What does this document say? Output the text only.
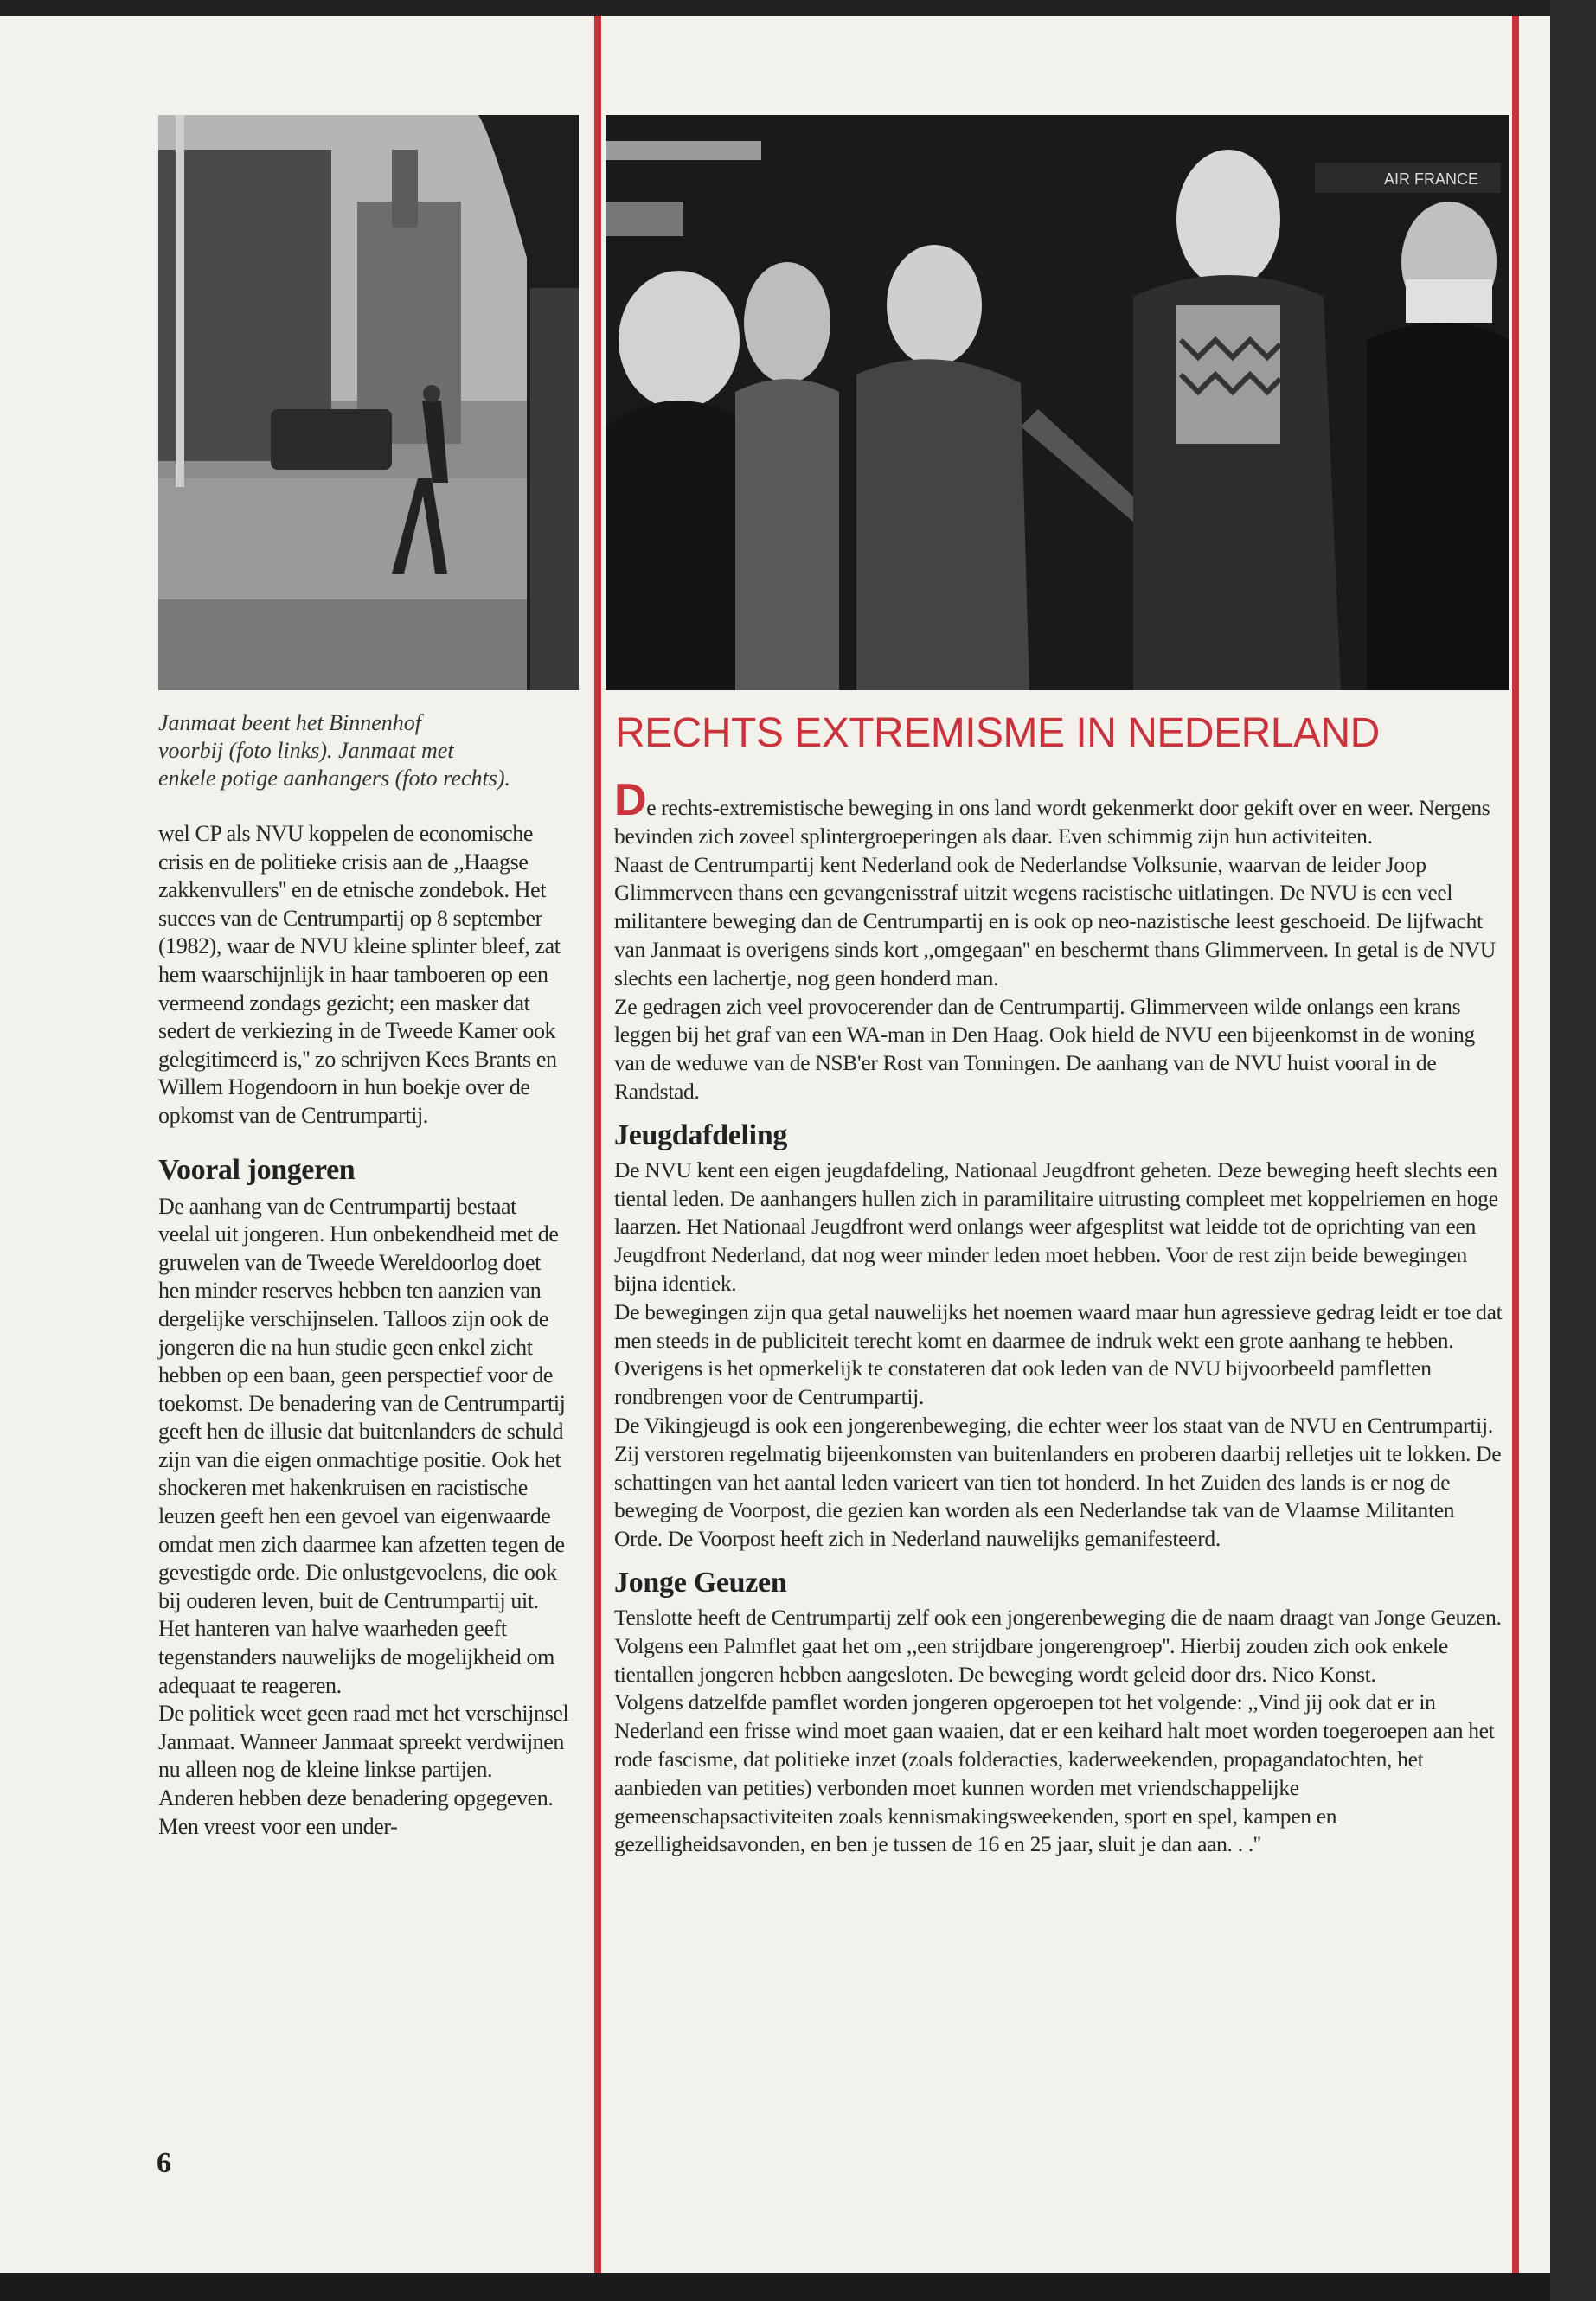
AIR FRANCE

Janmaat beent het Binnenhof

voorbij (foto links). Janmaat met

enkele potige aanhangers (foto rechts).

wel CP als NVU koppelen de economische crisis en de politieke crisis aan de ,,Haagse zakkenvullers'' en de etnische zondebok. Het succes van de Centrumpartij op 8 september (1982), waar de NVU kleine splinter bleef, zat hem waarschijnlijk in haar tamboeren op een vermeend zondags gezicht; een masker dat sedert de verkiezing in de Tweede Kamer ook gelegitimeerd is,'' zo schrijven Kees Brants en Willem Hogendoorn in hun boekje over de opkomst van de Centrumpartij.

Vooral jongeren

De aanhang van de Centrumpartij bestaat veelal uit jongeren. Hun onbekendheid met de gruwelen van de Tweede Wereldoorlog doet hen minder reserves hebben ten aanzien van dergelijke verschijnselen. Talloos zijn ook de jongeren die na hun studie geen enkel zicht hebben op een baan, geen perspectief voor de toekomst. De benadering van de Centrumpartij geeft hen de illusie dat buitenlanders de schuld zijn van die eigen onmachtige positie. Ook het shockeren met hakenkruisen en racistische leuzen geeft hen een gevoel van eigenwaarde omdat men zich daarmee kan afzetten tegen de gevestigde orde. Die onlustgevoelens, die ook bij ouderen leven, buit de Centrumpartij uit. Het hanteren van halve waarheden geeft tegenstanders nauwelijks de mogelijkheid om adequaat te reageren.

De politiek weet geen raad met het verschijnsel Janmaat. Wanneer Janmaat spreekt verdwijnen nu alleen nog de kleine linkse partijen. Anderen hebben deze benadering opgegeven. Men vreest voor een under-

RECHTS EXTREMISME IN NEDERLAND

De rechts-extremistische beweging in ons land wordt gekenmerkt door gekift over en weer. Nergens bevinden zich zoveel splintergroeperingen als daar. Even schimmig zijn hun activiteiten.

Naast de Centrumpartij kent Nederland ook de Nederlandse Volksunie, waarvan de leider Joop Glimmerveen thans een gevangenisstraf uitzit wegens racistische uitlatingen. De NVU is een veel militantere beweging dan de Centrumpartij en is ook op neo-nazistische leest geschoeid. De lijfwacht van Janmaat is overigens sinds kort ,,omgegaan'' en beschermt thans Glimmerveen. In getal is de NVU slechts een lachertje, nog geen honderd man.

Ze gedragen zich veel provocerender dan de Centrumpartij. Glimmerveen wilde onlangs een krans leggen bij het graf van een WA-man in Den Haag. Ook hield de NVU een bijeenkomst in de woning van de weduwe van de NSB'er Rost van Tonningen. De aanhang van de NVU huist vooral in de Randstad.

Jeugdafdeling

De NVU kent een eigen jeugdafdeling, Nationaal Jeugdfront geheten. Deze beweging heeft slechts een tiental leden. De aanhangers hullen zich in paramilitaire uitrusting compleet met koppelriemen en hoge laarzen. Het Nationaal Jeugdfront werd onlangs weer afgesplitst wat leidde tot de oprichting van een Jeugdfront Nederland, dat nog weer minder leden moet hebben. Voor de rest zijn beide bewegingen bijna identiek.

De bewegingen zijn qua getal nauwelijks het noemen waard maar hun agressieve gedrag leidt er toe dat men steeds in de publiciteit terecht komt en daarmee de indruk wekt een grote aanhang te hebben. Overigens is het opmerkelijk te constateren dat ook leden van de NVU bijvoorbeeld pamfletten rondbrengen voor de Centrumpartij.

De Vikingjeugd is ook een jongerenbeweging, die echter weer los staat van de NVU en Centrumpartij. Zij verstoren regelmatig bijeenkomsten van buitenlanders en proberen daarbij relletjes uit te lokken. De schattingen van het aantal leden varieert van tien tot honderd. In het Zuiden des lands is er nog de beweging de Voorpost, die gezien kan worden als een Nederlandse tak van de Vlaamse Militanten Orde. De Voorpost heeft zich in Nederland nauwelijks gemanifesteerd.

Jonge Geuzen

Tenslotte heeft de Centrumpartij zelf ook een jongerenbeweging die de naam draagt van Jonge Geuzen. Volgens een Palmflet gaat het om ,,een strijdbare jongerengroep''. Hierbij zouden zich ook enkele tientallen jongeren hebben aangesloten. De beweging wordt geleid door drs. Nico Konst.

Volgens datzelfde pamflet worden jongeren opgeroepen tot het volgende: ,,Vind jij ook dat er in Nederland een frisse wind moet gaan waaien, dat er een keihard halt moet worden toegeroepen aan het rode fascisme, dat politieke inzet (zoals folderacties, kaderweekenden, propagandatochten, het aanbieden van petities) verbonden moet kunnen worden met vriendschappelijke gemeenschapsactiviteiten zoals kennismakingsweekenden, sport en spel, kampen en gezelligheidsavonden, en ben je tussen de 16 en 25 jaar, sluit je dan aan. . .''

6
